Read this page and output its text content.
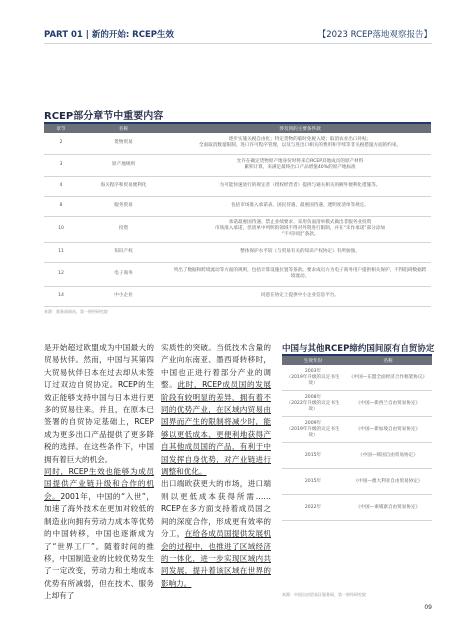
PART 01 | 新的开始: RCEP生效	【2023 RCEP落地观察报告】
RCEP部分章节中重要内容
章节	名称	涉及到的主要条件款
2	货物贸易	逐步实施关税自由化；特定货物的临时免税入境；取消农业出口补贴；
全面取消数量限制、进口许可程序管理，以及与进出口相关的费用和手续等非关税措施方面的约束。
3	原产地规则	允许在确定货物原产地身份时将来自RCEP其他成员的原产材料
累积计算，来满足最终出口产品增值40%的原产地标准
4	海关程序和贸易便利化	为可能快速放行的规定者（授权经营者）提供与通关相关的额外便利化措施等。
8	服务贸易	包括市场准入承诺表、国民待遇、最惠国待遇、透明度清单等规定。
10	投资	承诺最惠国待遇、禁止业绩要求、采用负面清单模式做出非服务业投资
市场准入承诺，但清单中列明的领域不得对外资进行限制，并在“未作承诺”部分添加
“不可回退”条款。
11	知识产权	整体保护水平较《与贸易有关的知识产权协定》有所加强。
12	电子商务	列出了数据和跨境流动等方面的规则，包括计算设施位置等条款。要求成员方为电子商务用户提供相关保护，不得阻碍数据跨境流动。
14	中小企业	同意在协定上提供中小企业信息平台。
来源：商务部网站，第一财经研究院

是开始超过欧盟成为中国最大的贸易伙伴。然而，中国与其第四大贸易伙伴日本在过去却从未签订过双边自贸协定。RCEP的生效正能够支持中国与日本进行更多的贸易往来。并且，在原本已签署的自贸协定基础上，RCEP成为更多出口产品提供了更多降税的选择。在这些条件下，中国拥有着巨大的机会。

同时，RCEP生效也能够为成员国提供产业链升级和合作的机会。2001年，中国的“入世”，加速了海外技术在更加对较低的制造业向拥有劳动力成本等优势的中国转移，中国也逐渐成为了“世界工厂”。随着时间的推移，中国制造业的比较优势发生了一定改变，劳动力和土地成本优势有所减弱，但在技术、服务上却有了

实质性的突破。当低技术含量的产业向东南亚、墨西哥转移时，中国也正进行着部分产业的调整。此时，RCEP成员国的发展阶段有较明显的差异，拥有着不同的优势产业，在区域内贸易由国界而产生的限制将减少时，能够以更低成本、更便利地获得产自其他成员国的产品，有利于中国发挥自身优势，对产业链进行调整和优化。

出口端欧获更大的市场，进口端则以更低成本获得所需……RCEP在多方面支持着成员国之间的深度合作，形成更有效率的分工，在给各成员国提供发展机会的过程中，也推进了区域经济的一体化，进一步实现区域内共同发展，提升着该区域在世界的影响力。

中国与其他RCEP缔约国间原有自贸协定
生效年份	名称
2003年
（2019年升级的议定书生效）	《中国—东盟全面经济合作框架协议》
2008年
（2022年升级的议定书生效）	《中国—新西兰自由贸易协定》
2009年
（2019年升级的议定书生效）	《中国—新加坡自由贸易协定》
2015年	《中国—韩国自由贸易协定》
2015年	《中国—澳大利亚自由贸易协定》
2022年	《中国—柬埔寨自由贸易协定》
来源：中国自由贸易区服务网，第一财经研究院
09
